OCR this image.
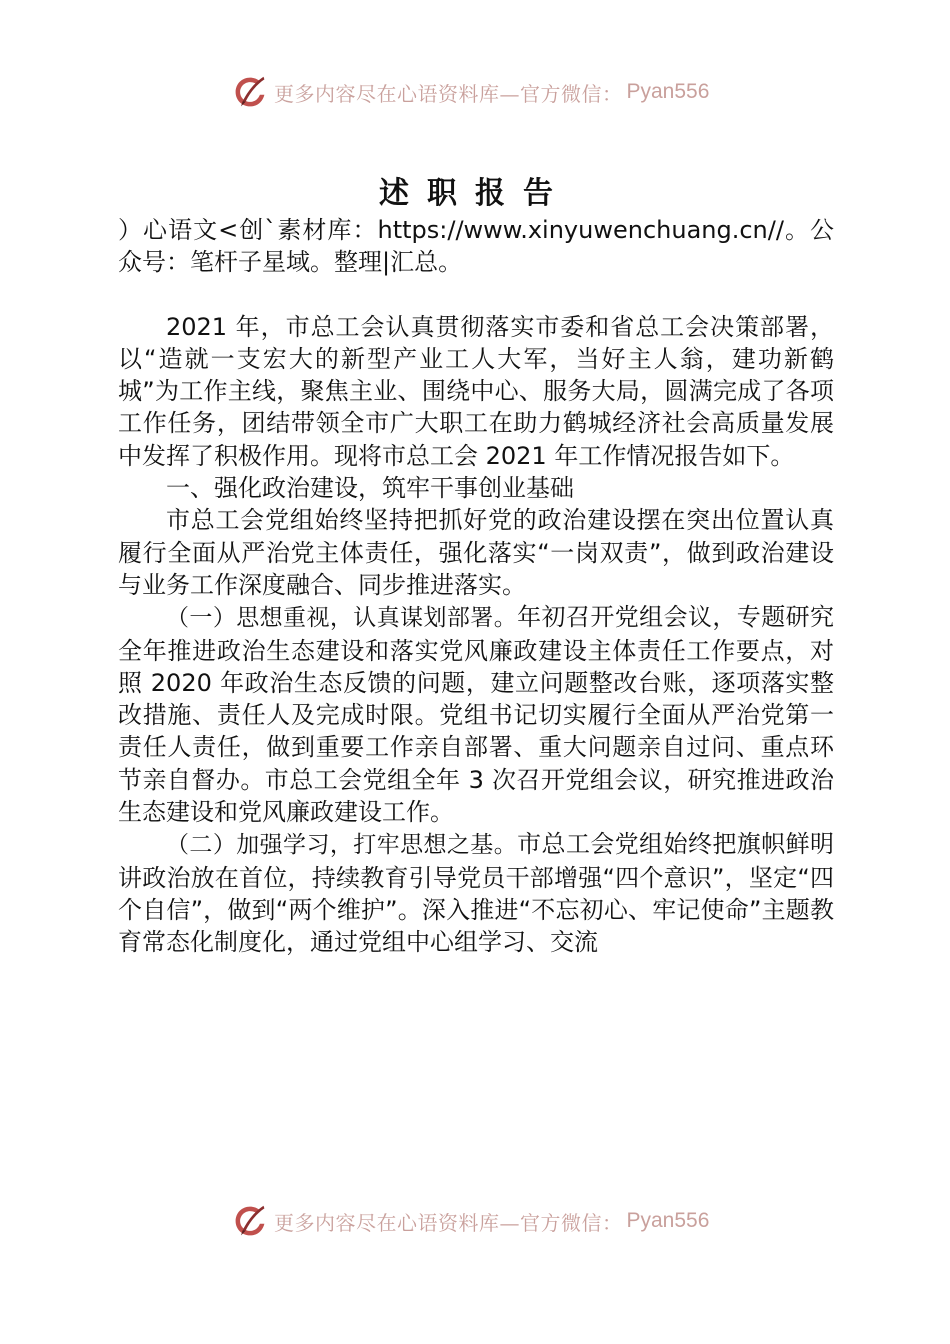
更多内容尽在心语资料库—官方微信： Pyan556
述职报告

）心语文<创`素材库：https://www.xinyuwenchuang.cn//。公众号：笔杆子星域。整理|汇总。

2021 年，市总工会认真贯彻落实市委和省总工会决策部署，以“造就一支宏大的新型产业工人大军，当好主人翁，建功新鹤城”为工作主线，聚焦主业、围绕中心、服务大局，圆满完成了各项工作任务，团结带领全市广大职工在助力鹤城经济社会高质量发展中发挥了积极作用。现将市总工会 2021 年工作情况报告如下。

一、强化政治建设，筑牢干事创业基础

市总工会党组始终坚持把抓好党的政治建设摆在突出位置认真履行全面从严治党主体责任，强化落实“一岗双责”，做到政治建设与业务工作深度融合、同步推进落实。

（一）思想重视，认真谋划部署。年初召开党组会议，专题研究全年推进政治生态建设和落实党风廉政建设主体责任工作要点，对照 2020 年政治生态反馈的问题，建立问题整改台账，逐项落实整改措施、责任人及完成时限。党组书记切实履行全面从严治党第一责任人责任，做到重要工作亲自部署、重大问题亲自过问、重点环节亲自督办。市总工会党组全年 3 次召开党组会议，研究推进政治生态建设和党风廉政建设工作。

（二）加强学习，打牢思想之基。市总工会党组始终把旗帜鲜明讲政治放在首位，持续教育引导党员干部增强“四个意识”，坚定“四个自信”，做到“两个维护”。深入推进“不忘初心、牢记使命”主题教育常态化制度化，通过党组中心组学习、交流

更多内容尽在心语资料库—官方微信： Pyan556
